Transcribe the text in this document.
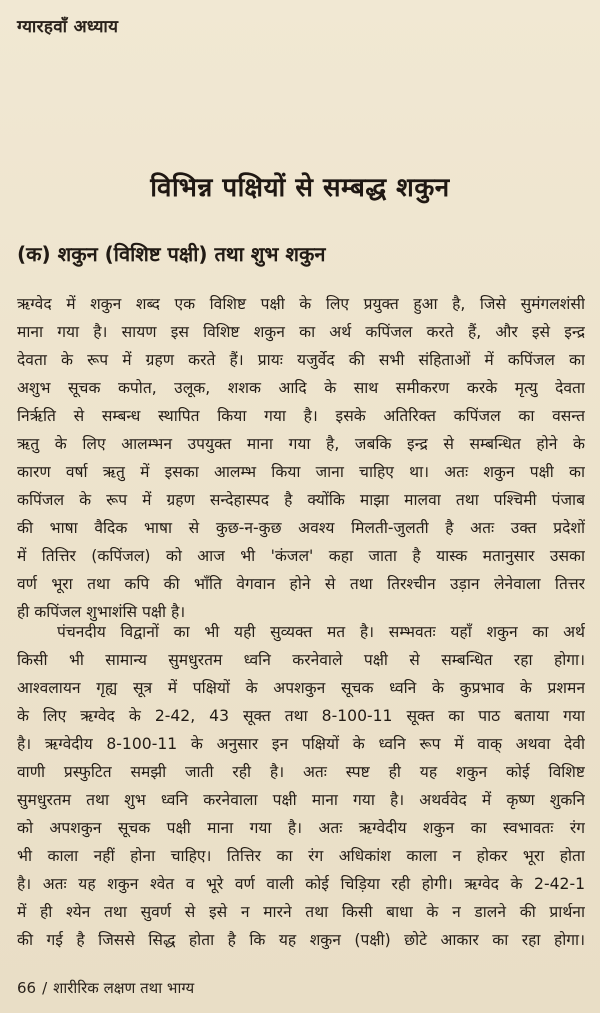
ग्यारहवाँ अध्याय
विभिन्न पक्षियों से सम्बद्ध शकुन
(क) शकुन (विशिष्ट पक्षी) तथा शुभ शकुन
ऋग्वेद में शकुन शब्द एक विशिष्ट पक्षी के लिए प्रयुक्त हुआ है, जिसे सुमंगलशंसी
माना गया है। सायण इस विशिष्ट शकुन का अर्थ कपिंजल करते हैं, और इसे इन्द्र
देवता के रूप में ग्रहण करते हैं। प्रायः यजुर्वेद की सभी संहिताओं में कपिंजल का
अशुभ सूचक कपोत, उलूक, शशक आदि के साथ समीकरण करके मृत्यु देवता
निर्ऋति से सम्बन्ध स्थापित किया गया है। इसके अतिरिक्त कपिंजल का वसन्त
ऋतु के लिए आलम्भन उपयुक्त माना गया है, जबकि इन्द्र से सम्बन्धित होने के
कारण वर्षा ऋतु में इसका आलम्भ किया जाना चाहिए था। अतः शकुन पक्षी का
कपिंजल के रूप में ग्रहण सन्देहास्पद है क्योंकि माझा मालवा तथा पश्चिमी पंजाब
की भाषा वैदिक भाषा से कुछ-न-कुछ अवश्य मिलती-जुलती है अतः उक्त प्रदेशों
में तित्तिर (कपिंजल) को आज भी 'कंजल' कहा जाता है यास्क मतानुसार उसका
वर्ण भूरा तथा कपि की भाँति वेगवान होने से तथा तिरश्चीन उड़ान लेनेवाला तित्तर
ही कपिंजल शुभाशंसि पक्षी है।
पंचनदीय विद्वानों का भी यही सुव्यक्त मत है। सम्भवतः यहाँ शकुन का अर्थ
किसी भी सामान्य सुमधुरतम ध्वनि करनेवाले पक्षी से सम्बन्धित रहा होगा।
आश्वलायन गृह्य सूत्र में पक्षियों के अपशकुन सूचक ध्वनि के कुप्रभाव के प्रशमन
के लिए ऋग्वेद के 2-42, 43 सूक्त तथा 8-100-11 सूक्त का पाठ बताया गया
है। ऋग्वेदीय 8-100-11 के अनुसार इन पक्षियों के ध्वनि रूप में वाक् अथवा देवी
वाणी प्रस्फुटित समझी जाती रही है। अतः स्पष्ट ही यह शकुन कोई विशिष्ट
सुमधुरतम तथा शुभ ध्वनि करनेवाला पक्षी माना गया है। अथर्ववेद में कृष्ण शुकनि
को अपशकुन सूचक पक्षी माना गया है। अतः ऋग्वेदीय शकुन का स्वभावतः रंग
भी काला नहीं होना चाहिए। तित्तिर का रंग अधिकांश काला न होकर भूरा होता
है। अतः यह शकुन श्वेत व भूरे वर्ण वाली कोई चिड़िया रही होगी। ऋग्वेद के 2-42-1
में ही श्येन तथा सुवर्ण से इसे न मारने तथा किसी बाधा के न डालने की प्रार्थना
की गई है जिससे सिद्ध होता है कि यह शकुन (पक्षी) छोटे आकार का रहा होगा।
66 / शारीरिक लक्षण तथा भाग्य
